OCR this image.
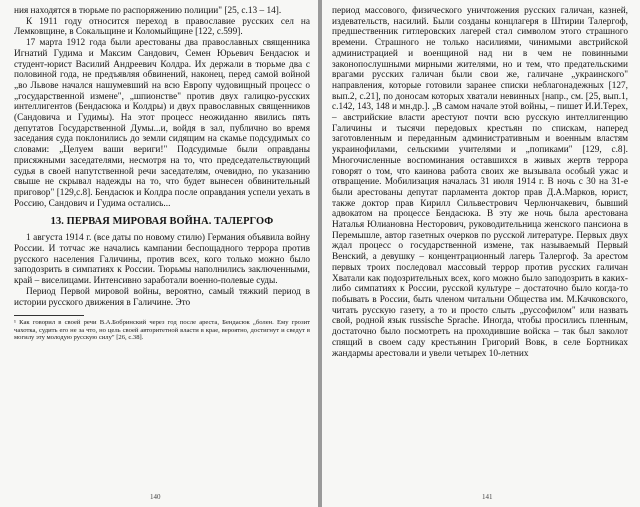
ния находятся в тюрьме по распоряжению полиции" [25, с.13 – 14].

К 1911 году относится переход в православие русских сел на Лемковщине, в Сокальщине и Коломыйщине [122, с.599].

17 марта 1912 года были арестованы два православных священника Игнатий Гудима и Максим Сандович, Семен Юрьевич Бендасюк и студент-юрист Василий Андреевич Колдра. Их держали в тюрьме два с половиной года, не предъявляя обвинений, наконец, перед самой войной „во Львове начался нашумевший на всю Европу чудовищный процесс о „государственной измене", „шпионстве" против двух галицко-русских интеллигентов (Бендасюка и Колдры) и двух православных священников (Сандовича и Гудимы). На этот процесс неожиданно явились пять депутатов Государственной Думы...и, войдя в зал, публично во время заседания суда поклонились до земли сидящим на скамье подсудимых со словами: „Целуем ваши вериги!" Подсудимые были оправданы присяжными заседателями, несмотря на то, что председательствующий судья в своей напутственной речи заседателям, очевидно, по указанию свыше не скрывал надежды на то, что будет вынесен обвинительный приговор" [129,с.8]. Бендасюк и Колдра после оправдания успели уехать в Россию, Сандович и Гудима остались...

13. ПЕРВАЯ МИРОВАЯ ВОЙНА. ТАЛЕРГОФ

1 августа 1914 г. (все даты по новому стилю) Германия объявила войну России. И тотчас же начались кампании беспощадного террора против русского населения Галичины, против всех, кого только можно было заподозрить в симпатиях к России. Тюрьмы наполнились заключенными, край – виселицами. Интенсивно заработали военно-полевые суды.

Период Первой мировой войны, вероятно, самый тяжкий период в истории русского движения в Галичине. Это

¹ Как говорил в своей речи В.А.Бобринский через год после ареста, Бендасюк „болен. Ему грозит чахотка, судить его не за что, но цель своей авторитетной власти в крае, вероятно, достигнут и сведут в могилу эту молодую русскую силу" [26, с.38].

140

период массового, физического уничтожения русских галичан, казней, издевательств, насилий. Были созданы концлагеря в Штирии Талергоф, предшественник гитлеровских лагерей стал символом этого страшного времени. Страшного не только насилиями, чинимыми австрийской администрацией и военщиной над ни в чем не повинными законопослушными мирными жителями, но и тем, что предательскими врагами русских галичан были свои же, галичане „украинского" направления, которые готовили заранее списки неблагонадежных [127, вып.2, с.21], по доносам которых хватали невинных [напр., см. [25, вып.1, с.142, 143, 148 и мн.др.]. „В самом начале этой войны, – пишет И.И.Терех, – австрийские власти арестуют почти всю русскую интеллигенцию Галичины и тысячи передовых крестьян по спискам, наперед заготовленным и переданным административным и военным властям украинофилами, сельскими учителями и „попиками" [129, с.8]. Многочисленные воспоминания оставшихся в живых жертв террора говорят о том, что каинова работа своих же вызывала особый ужас и отвращение. Мобилизация началась 31 июля 1914 г. В ночь с 30 на 31-е были арестованы депутат парламента доктор прав Д.А.Марков, юрист, также доктор прав Кирилл Сильвестрович Черлюнчакевич, бывший адвокатом на процессе Бендасюка. В эту же ночь была арестована Наталья Юлиановна Несторович, руководительница женского пансиона в Перемышле, автор газетных очерков по русской литературе. Первых двух ждал процесс о государственной измене, так называемый Первый Венский, а девушку – концентрационный лагерь Талергоф. За арестом первых троих последовал массовый террор против русских галичан Хватали как подозрительных всех, кого можно было заподозрить в каких-либо симпатиях к России, русской культуре – достаточно было когда-то побывать в России, быть членом читальни Общества им. М.Качковского, читать русскую газету, а то и просто слыть „руссофилом" или назвать свой, родной язык russische Sprache. Иногда, чтобы просились пленным, достаточно было посмотреть на проходившие войска – так был заколот спящий в своем саду крестьянин Григорий Вовк, в селе Бортниках жандармы арестовали и увели четырех 10-летних

141
